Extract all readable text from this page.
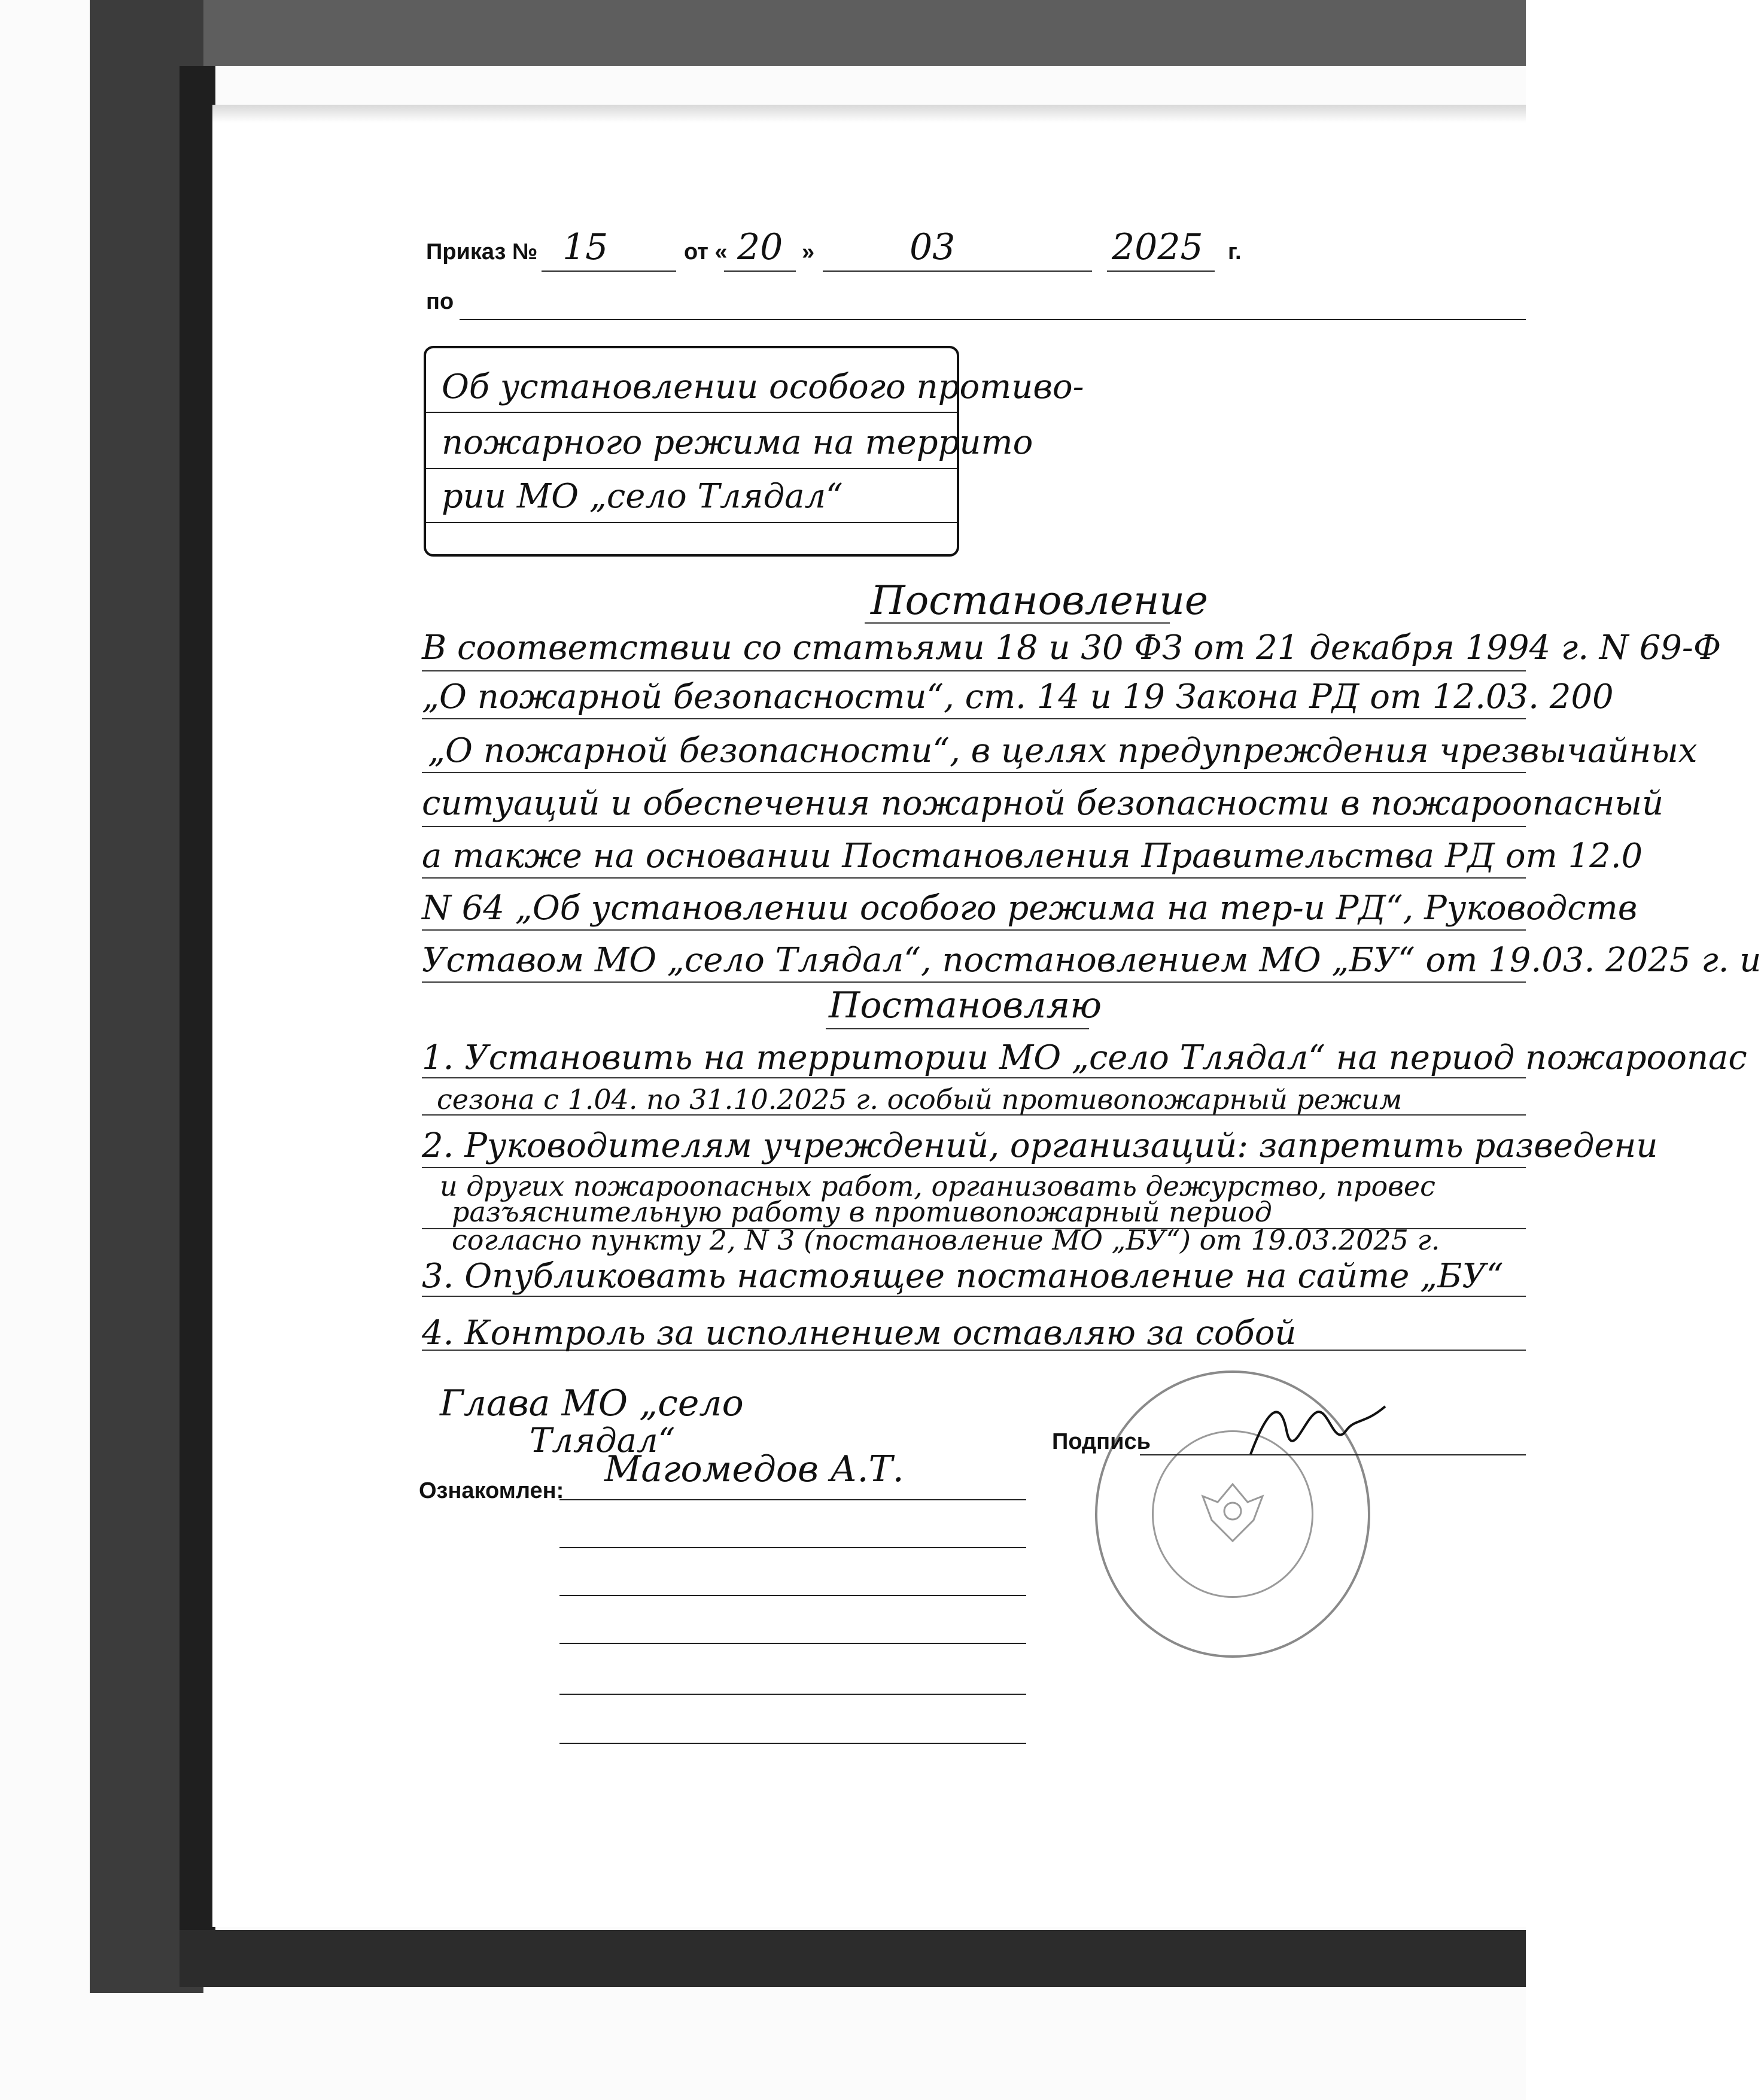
Приказ № 15	от « 20 »	03	2025 г.
по
Об установлении особого противо-
пожарного режима на террито
рии МО „село Тлядал“
Постановление
В соответствии со статьями 18 и 30 ФЗ от 21 декабря 1994 г. N 69-Ф
„О пожарной безопасности“, ст. 14 и 19 Закона РД от 12.03. 200
„О пожарной безопасности“, в целях предупреждения чрезвычайных
ситуаций и обеспечения пожарной безопасности в пожароопасный
а также на основании Постановления Правительства РД от 12.0
N 64 „Об установлении особого режима на тер-и РД“, Руководств
Уставом МО „село Тлядал“, постановлением МО „БУ“ от 19.03. 2025 г. и
Постановляю
1. Установить на территории МО „село Тлядал“ на период пожароопас
сезона с 1.04. по 31.10.2025 г. особый противопожарный режим
2. Руководителям учреждений, организаций: запретить разведени
и других пожароопасных работ, организовать дежурство, провес
разъяснительную работу в противопожарный период
согласно пункту 2, N 3 (постановление МО „БУ“) от 19.03.2025 г.
3. Опубликовать настоящее постановление на сайте „БУ“
4. Контроль за исполнением оставляю за собой
Глава МО „село
Тлядал“
Магомедов А.Т.
Подпись
Ознакомлен:
